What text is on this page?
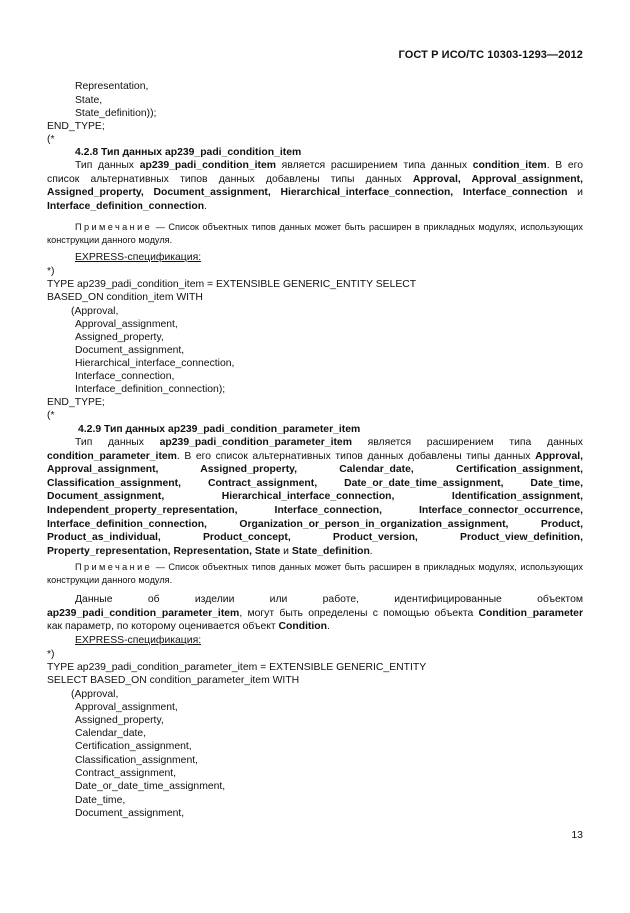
ГОСТ Р ИСО/ТС 10303-1293—2012
Representation,
State,
State_definition));
END_TYPE;
(*
4.2.8 Тип данных ap239_padi_condition_item
Тип данных ap239_padi_condition_item является расширением типа данных condition_item. В его список альтернативных типов данных добавлены типы данных Approval, Approval_assignment, Assigned_property, Document_assignment, Hierarchical_interface_connection, Interface_connection и Interface_definition_connection.
Примечание — Список объектных типов данных может быть расширен в прикладных модулях, использующих конструкции данного модуля.
EXPRESS-спецификация:
*)
TYPE ap239_padi_condition_item = EXTENSIBLE GENERIC_ENTITY SELECT
BASED_ON condition_item WITH
(Approval,
Approval_assignment,
Assigned_property,
Document_assignment,
Hierarchical_interface_connection,
Interface_connection,
Interface_definition_connection);
END_TYPE;
(*
4.2.9 Тип данных ap239_padi_condition_parameter_item
Тип данных ap239_padi_condition_parameter_item является расширением типа данных condition_parameter_item. В его список альтернативных типов данных добавлены типы данных Approval, Approval_assignment, Assigned_property, Calendar_date, Certification_assignment, Classification_assignment, Contract_assignment, Date_or_date_time_assignment, Date_time, Document_assignment, Hierarchical_interface_connection, Identification_assignment, Independent_property_representation, Interface_connection, Interface_connector_occurrence, Interface_definition_connection, Organization_or_person_in_organization_assignment, Product, Product_as_individual, Product_concept, Product_version, Product_view_definition, Property_representation, Representation, State и State_definition.
Примечание — Список объектных типов данных может быть расширен в прикладных модулях, использующих конструкции данного модуля.
Данные об изделии или работе, идентифицированные объектом ap239_padi_condition_parameter_item, могут быть определены с помощью объекта Condition_parameter как параметр, по которому оценивается объект Condition.
EXPRESS-спецификация:
*)
TYPE ap239_padi_condition_parameter_item = EXTENSIBLE GENERIC_ENTITY
SELECT BASED_ON condition_parameter_item WITH
(Approval,
Approval_assignment,
Assigned_property,
Calendar_date,
Certification_assignment,
Classification_assignment,
Contract_assignment,
Date_or_date_time_assignment,
Date_time,
Document_assignment,
13
